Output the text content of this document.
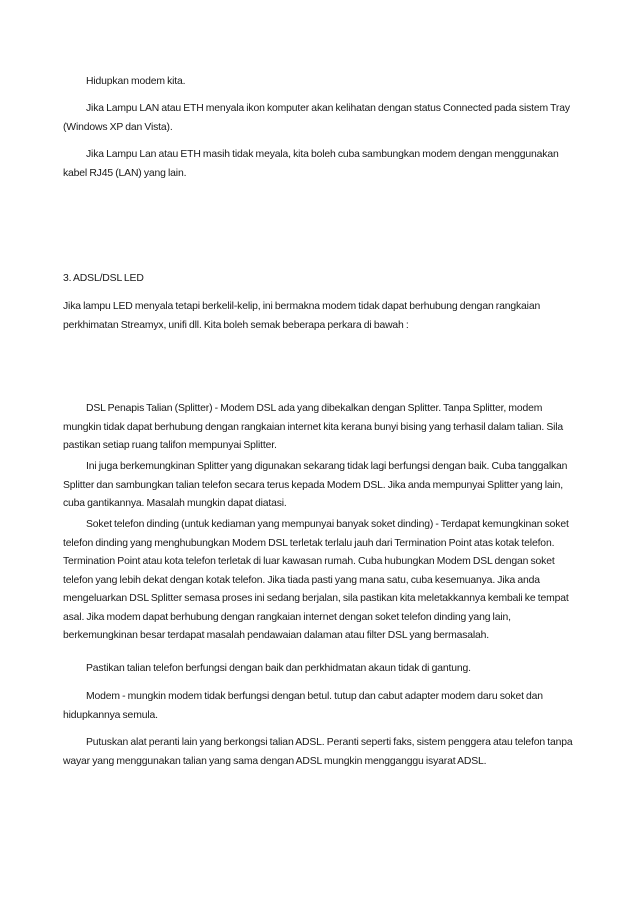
Hidupkan modem kita.

Jika Lampu LAN atau ETH menyala ikon komputer akan kelihatan dengan status Connected pada sistem Tray (Windows XP dan Vista).

Jika Lampu Lan atau ETH masih tidak meyala, kita boleh cuba sambungkan modem dengan menggunakan kabel RJ45 (LAN) yang lain.

3. ADSL/DSL LED

Jika lampu LED menyala tetapi berkelil-kelip, ini bermakna modem tidak dapat berhubung dengan rangkaian perkhimatan Streamyx, unifi dll. Kita boleh semak beberapa perkara di bawah :

DSL Penapis Talian (Splitter) - Modem DSL ada yang dibekalkan dengan Splitter. Tanpa Splitter, modem mungkin tidak dapat berhubung dengan rangkaian internet kita kerana bunyi bising yang terhasil dalam talian. Sila pastikan setiap ruang talifon mempunyai Splitter.

Ini juga berkemungkinan Splitter yang digunakan sekarang tidak lagi berfungsi dengan baik. Cuba tanggalkan Splitter dan sambungkan talian telefon secara terus kepada Modem DSL. Jika anda mempunyai Splitter yang lain, cuba gantikannya. Masalah mungkin dapat diatasi.

Soket telefon dinding (untuk kediaman yang mempunyai banyak soket dinding) - Terdapat kemungkinan soket telefon dinding yang menghubungkan Modem DSL terletak terlalu jauh dari Termination Point atas kotak telefon. Termination Point atau kota telefon terletak di luar kawasan rumah. Cuba hubungkan Modem DSL dengan soket telefon yang lebih dekat dengan kotak telefon. Jika tiada pasti yang mana satu, cuba kesemuanya. Jika anda mengeluarkan DSL Splitter semasa proses ini sedang berjalan, sila pastikan kita meletakkannya kembali ke tempat asal. Jika modem dapat berhubung dengan rangkaian internet dengan soket telefon dinding yang lain, berkemungkinan besar terdapat masalah pendawaian dalaman atau filter DSL yang bermasalah.

Pastikan talian telefon berfungsi dengan baik dan perkhidmatan akaun tidak di gantung.

Modem - mungkin modem tidak berfungsi dengan betul. tutup dan cabut adapter modem daru soket dan hidupkannya semula.

Putuskan alat peranti lain yang berkongsi talian ADSL. Peranti seperti faks, sistem penggera atau telefon tanpa wayar yang menggunakan talian yang sama dengan ADSL mungkin mengganggu isyarat ADSL.
